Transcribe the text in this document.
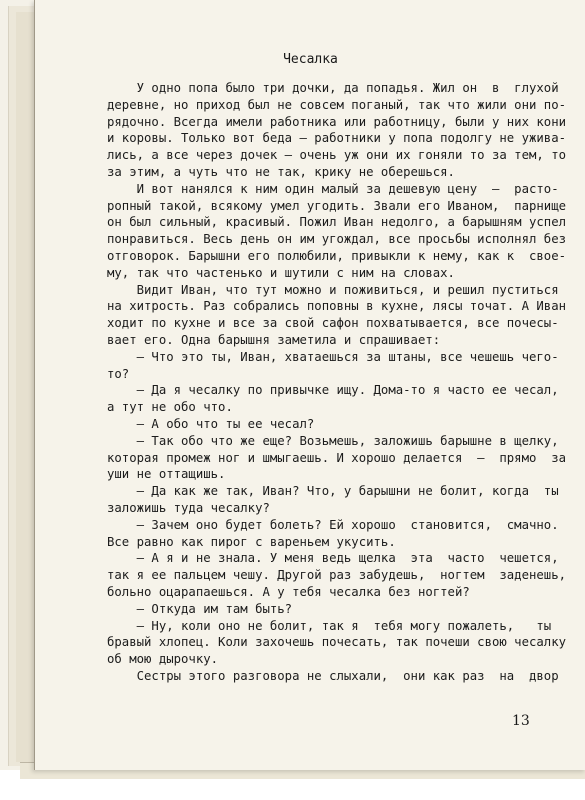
Чесалка
У одно попа было три дочки, да попадья. Жил он  в  глухой
деревне, но приход был не совсем поганый, так что жили они по-
рядочно. Всегда имели работника или работницу, были у них кони
и коровы. Только вот беда — работники у попа подолгу не ужива-
лись, а все через дочек — очень уж они их гоняли то за тем, то
за этим, а чуть что не так, крику не оберешься.
И вот нанялся к ним один малый за дешевую цену  —  расто-
ропный такой, всякому умел угодить. Звали его Иваном,  парнище
он был сильный, красивый. Пожил Иван недолго, а барышням успел
понравиться. Весь день он им угождал, все просьбы исполнял без
отговорок. Барышни его полюбили, привыкли к нему, как к  свое-
му, так что частенько и шутили с ним на словах.
Видит Иван, что тут можно и поживиться, и решил пуститься
на хитрость. Раз собрались поповны в кухне, лясы точат. А Иван
ходит по кухне и все за свой сафон похватывается, все почесы-
вает его. Одна барышня заметила и спрашивает:
— Что это ты, Иван, хватаешься за штаны, все чешешь чего-
то?
— Да я чесалку по привычке ищу. Дома-то я часто ее чесал,
а тут не обо что.
— А обо что ты ее чесал?
— Так обо что же еще? Возьмешь, заложишь барышне в щелку,
которая промеж ног и шмыгаешь. И хорошо делается  —  прямо  за
уши не оттащишь.
— Да как же так, Иван? Что, у барышни не болит, когда  ты
заложишь туда чесалку?
— Зачем оно будет болеть? Ей хорошо  становится,  смачно.
Все равно как пирог с вареньем укусить.
— А я и не знала. У меня ведь щелка  эта  часто  чешется,
так я ее пальцем чешу. Другой раз забудешь,  ногтем  заденешь,
больно оцарапаешься. А у тебя чесалка без ногтей?
— Откуда им там быть?
— Ну, коли оно не болит, так я  тебя могу пожалеть,   ты
бравый хлопец. Коли захочешь почесать, так почеши свою чесалку
об мою дырочку.
Сестры этого разговора не слыхали,  они как раз  на  двор
13
